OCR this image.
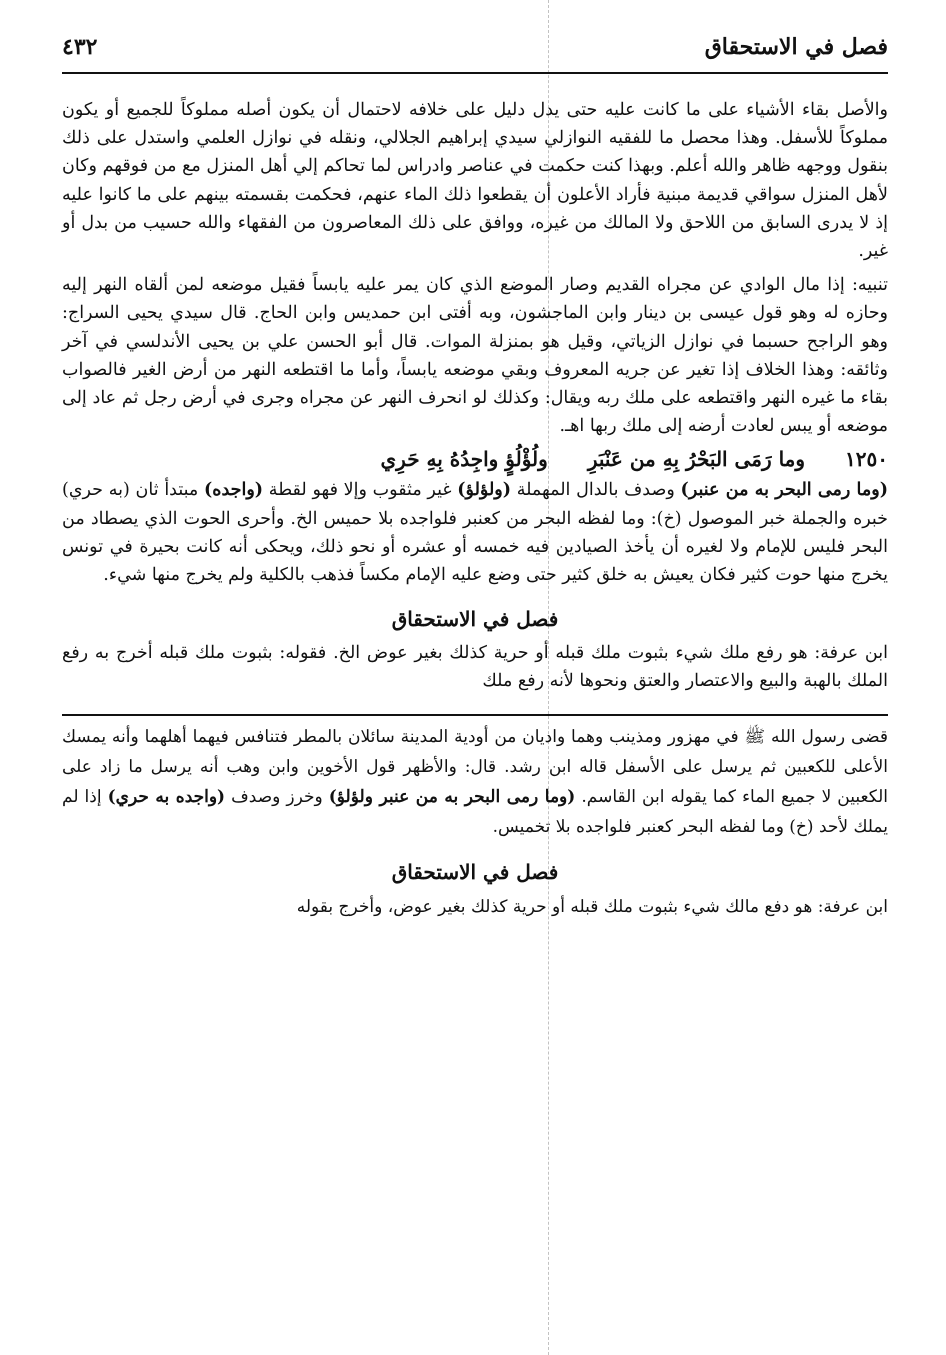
فصل في الاستحقاق
٤٣٢

والأصل بقاء الأشياء على ما كانت عليه حتى يدل دليل على خلافه لاحتمال أن يكون أصله مملوكاً للجميع أو يكون مملوكاً للأسفل. وهذا محصل ما للفقيه النوازلي سيدي إبراهيم الجلالي، ونقله في نوازل العلمي واستدل على ذلك بنقول ووجهه ظاهر والله أعلم. وبهذا كنت حكمت في عناصر وادراس لما تحاكم إلي أهل المنزل مع من فوقهم وكان لأهل المنزل سواقي قديمة مبنية فأراد الأعلون أن يقطعوا ذلك الماء عنهم، فحكمت بقسمته بينهم على ما كانوا عليه إذ لا يدرى السابق من اللاحق ولا المالك من غيره، ووافق على ذلك المعاصرون من الفقهاء والله حسيب من بدل أو غير.

تنبيه: إذا مال الوادي عن مجراه القديم وصار الموضع الذي كان يمر عليه يابساً فقيل موضعه لمن ألقاه النهر إليه وحازه له وهو قول عيسى بن دينار وابن الماجشون، وبه أفتى ابن حمديس وابن الحاج. قال سيدي يحيى السراج: وهو الراجح حسبما في نوازل الزياتي، وقيل هو بمنزلة الموات. قال أبو الحسن علي بن يحيى الأندلسي في آخر وثائقه: وهذا الخلاف إذا تغير عن جريه المعروف وبقي موضعه يابساً، وأما ما اقتطعه النهر من أرض الغير فالصواب بقاء ما غيره النهر واقتطعه على ملك ربه ويقال: وكذلك لو انحرف النهر عن مجراه وجرى في أرض رجل ثم عاد إلى موضعه أو يبس لعادت أرضه إلى ملك ربها اهـ.

١٢٥٠
وما رَمَى البَحْرُ بِهِ من عَنْبَرِ
ولُؤْلُؤٍ واجِدُهُ بِهِ حَرِي

(وما رمى البحر به من عنبر) وصدف بالدال المهملة (ولؤلؤ) غير مثقوب وإلا فهو لقطة (واجده) مبتدأ ثان (به حري) خبره والجملة خبر الموصول (خ): وما لفظه البحر من كعنبر فلواجده بلا حميس الخ. وأحرى الحوت الذي يصطاد من البحر فليس للإمام ولا لغيره أن يأخذ الصيادين فيه خمسه أو عشره أو نحو ذلك، ويحكى أنه كانت بحيرة في تونس يخرج منها حوت كثير فكان يعيش به خلق كثير حتى وضع عليه الإمام مكساً فذهب بالكلية ولم يخرج منها شيء.

فصل في الاستحقاق

ابن عرفة: هو رفع ملك شيء بثبوت ملك قبله أو حرية كذلك بغير عوض الخ. فقوله: بثبوت ملك قبله أخرج به رفع الملك بالهبة والبيع والاعتصار والعتق ونحوها لأنه رفع ملك

قضى رسول الله ﷺ في مهزور ومذينب وهما واديان من أودية المدينة سائلان بالمطر فتنافس فيهما أهلهما وأنه يمسك الأعلى للكعبين ثم يرسل على الأسفل قاله ابن رشد. قال: والأظهر قول الأخوين وابن وهب أنه يرسل ما زاد على الكعبين لا جميع الماء كما يقوله ابن القاسم. (وما رمى البحر به من عنبر ولؤلؤ) وخرز وصدف (واجده به حري) إذا لم يملك لأحد (خ) وما لفظه البحر كعنبر فلواجده بلا تخميس.

فصل في الاستحقاق

ابن عرفة: هو دفع مالك شيء بثبوت ملك قبله أو حرية كذلك بغير عوض، وأخرج بقوله
